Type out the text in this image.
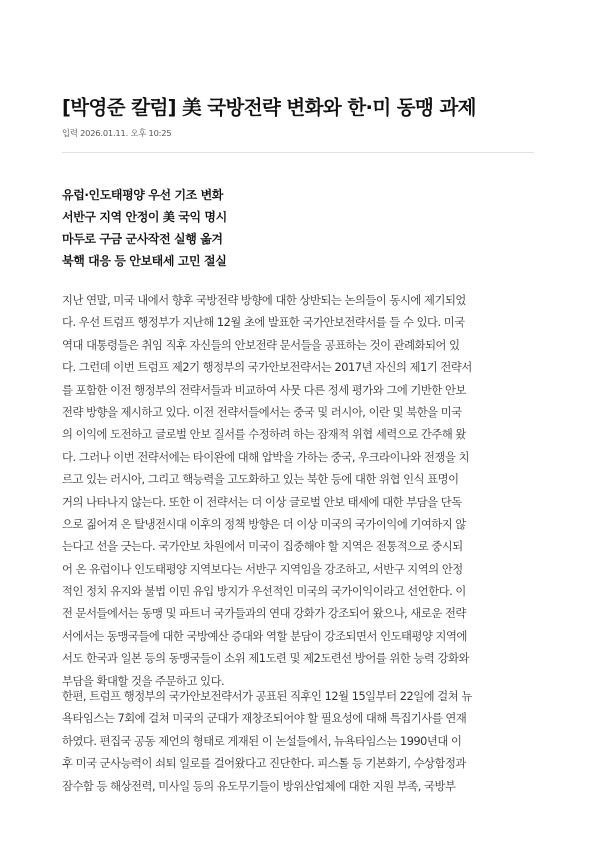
[박영준 칼럼] 美 국방전략 변화와 한·미 동맹 과제
입력 2026.01.11. 오후 10:25
유럽·인도태평양 우선 기조 변화
서반구 지역 안정이 美 국익 명시
마두로 구금 군사작전 실행 옮겨
북핵 대응 등 안보태세 고민 절실

지난 연말, 미국 내에서 향후 국방전략 방향에 대한 상반되는 논의들이 동시에 제기되었
다. 우선 트럼프 행정부가 지난해 12월 초에 발표한 국가안보전략서를 들 수 있다. 미국
역대 대통령들은 취임 직후 자신들의 안보전략 문서들을 공표하는 것이 관례화되어 있
다. 그런데 이번 트럼프 제2기 행정부의 국가안보전략서는 2017년 자신의 제1기 전략서
를 포함한 이전 행정부의 전략서들과 비교하여 사뭇 다른 정세 평가와 그에 기반한 안보
전략 방향을 제시하고 있다. 이전 전략서들에서는 중국 및 러시아, 이란 및 북한을 미국
의 이익에 도전하고 글로벌 안보 질서를 수정하려 하는 잠재적 위협 세력으로 간주해 왔
다. 그러나 이번 전략서에는 타이완에 대해 압박을 가하는 중국, 우크라이나와 전쟁을 치
르고 있는 러시아, 그리고 핵능력을 고도화하고 있는 북한 등에 대한 위협 인식 표명이
거의 나타나지 않는다. 또한 이 전략서는 더 이상 글로벌 안보 태세에 대한 부담을 단독
으로 짊어져 온 탈냉전시대 이후의 정책 방향은 더 이상 미국의 국가이익에 기여하지 않
는다고 선을 긋는다. 국가안보 차원에서 미국이 집중해야 할 지역은 전통적으로 중시되
어 온 유럽이나 인도태평양 지역보다는 서반구 지역임을 강조하고, 서반구 지역의 안정
적인 정치 유지와 불법 이민 유입 방지가 우선적인 미국의 국가이익이라고 선언한다. 이
전 문서들에서는 동맹 및 파트너 국가들과의 연대 강화가 강조되어 왔으나, 새로운 전략
서에서는 동맹국들에 대한 국방예산 증대와 역할 분담이 강조되면서 인도태평양 지역에
서도 한국과 일본 등의 동맹국들이 소위 제1도련 및 제2도련선 방어를 위한 능력 강화와
부담을 확대할 것을 주문하고 있다.

한편, 트럼프 행정부의 국가안보전략서가 공표된 직후인 12월 15일부터 22일에 걸쳐 뉴
욕타임스는 7회에 걸쳐 미국의 군대가 재창조되어야 할 필요성에 대해 특집기사를 연재
하였다. 편집국 공동 제언의 형태로 게재된 이 논설들에서, 뉴욕타임스는 1990년대 이
후 미국 군사능력이 쇠퇴 일로를 걸어왔다고 진단한다. 피스톨 등 기본화기, 수상함정과
잠수함 등 해상전력, 미사일 등의 유도무기들이 방위산업체에 대한 지원 부족, 국방부
